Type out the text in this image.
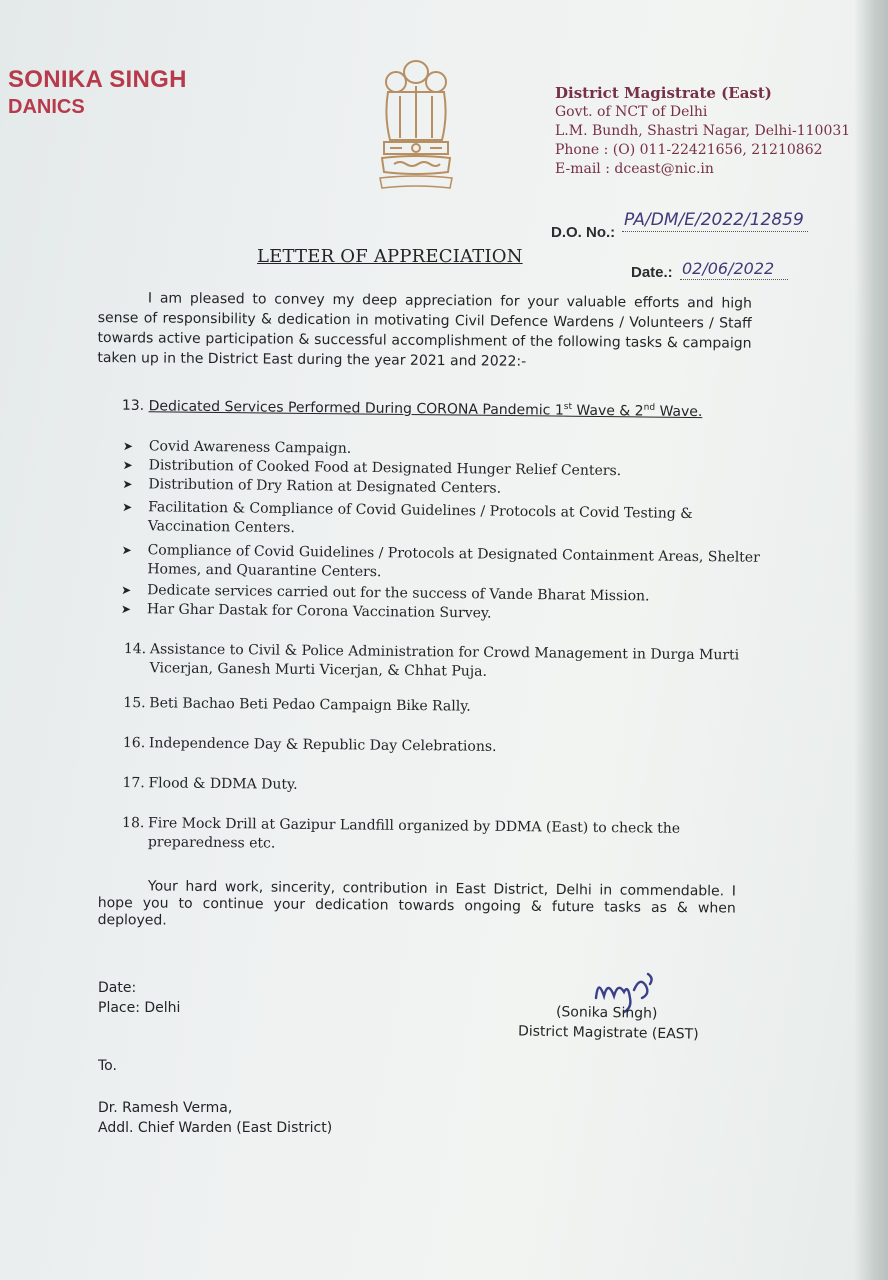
SONIKA SINGH
DANICS
District Magistrate (East)
Govt. of NCT of Delhi
L.M. Bundh, Shastri Nagar, Delhi-110031
Phone : (O) 011-22421656, 21210862
E-mail : dceast@nic.in
D.O. No.:
PA/DM/E/2022/12859
Date.: 02/06/2022
LETTER OF APPRECIATION
I am pleased to convey my deep appreciation for your valuable efforts and high sense of responsibility & dedication in motivating Civil Defence Wardens / Volunteers / Staff towards active participation & successful accomplishment of the following tasks & campaign taken up in the District East during the year 2021 and 2022:-
13. Dedicated Services Performed During CORONA Pandemic 1st Wave & 2nd Wave.
➤ Covid Awareness Campaign.
➤ Distribution of Cooked Food at Designated Hunger Relief Centers.
➤ Distribution of Dry Ration at Designated Centers.
➤ Facilitation & Compliance of Covid Guidelines / Protocols at Covid Testing & Vaccination Centers.
➤ Compliance of Covid Guidelines / Protocols at Designated Containment Areas, Shelter Homes, and Quarantine Centers.
➤ Dedicate services carried out for the success of Vande Bharat Mission.
➤ Har Ghar Dastak for Corona Vaccination Survey.
14. Assistance to Civil & Police Administration for Crowd Management in Durga Murti Vicerjan, Ganesh Murti Vicerjan, & Chhat Puja.
15. Beti Bachao Beti Pedao Campaign Bike Rally.
16. Independence Day & Republic Day Celebrations.
17. Flood & DDMA Duty.
18. Fire Mock Drill at Gazipur Landfill organized by DDMA (East) to check the preparedness etc.
Your hard work, sincerity, contribution in East District, Delhi in commendable. I hope you to continue your dedication towards ongoing & future tasks as & when deployed.
Date:
Place: Delhi	(Sonika Singh)
District Magistrate (EAST)
To.
Dr. Ramesh Verma,
Addl. Chief Warden (East District)
